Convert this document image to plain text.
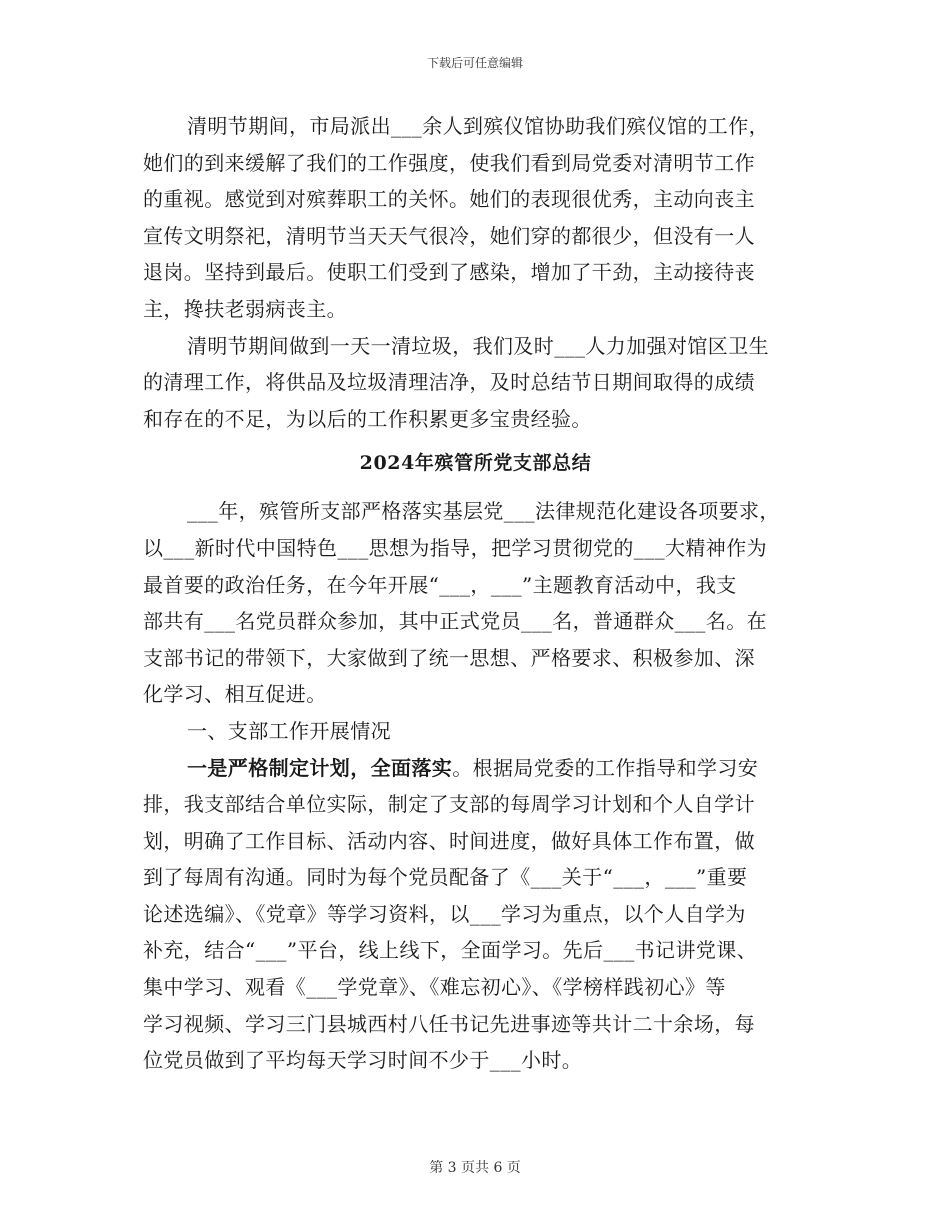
下载后可任意编辑
清明节期间，市局派出___余人到殡仪馆协助我们殡仪馆的工作，
她们的到来缓解了我们的工作强度，使我们看到局党委对清明节工作
的重视。感觉到对殡葬职工的关怀。她们的表现很优秀，主动向丧主
宣传文明祭祀，清明节当天天气很冷，她们穿的都很少，但没有一人
退岗。坚持到最后。使职工们受到了感染，增加了干劲，主动接待丧
主，搀扶老弱病丧主。
清明节期间做到一天一清垃圾，我们及时___人力加强对馆区卫生
的清理工作，将供品及垃圾清理洁净，及时总结节日期间取得的成绩
和存在的不足，为以后的工作积累更多宝贵经验。
2024年殡管所党支部总结
___年，殡管所支部严格落实基层党___法律规范化建设各项要求，
以___新时代中国特色___思想为指导，把学习贯彻党的___大精神作为
最首要的政治任务，在今年开展“___，___”主题教育活动中，我支
部共有___名党员群众参加，其中正式党员___名，普通群众___名。在
支部书记的带领下，大家做到了统一思想、严格要求、积极参加、深
化学习、相互促进。
一、支部工作开展情况
一是严格制定计划，全面落实。根据局党委的工作指导和学习安
排，我支部结合单位实际，制定了支部的每周学习计划和个人自学计
划，明确了工作目标、活动内容、时间进度，做好具体工作布置，做
到了每周有沟通。同时为每个党员配备了《___关于“___，___”重要
论述选编》、《党章》等学习资料，以___学习为重点，以个人自学为
补充，结合“___”平台，线上线下，全面学习。先后___书记讲党课、
集中学习、观看《___学党章》、《难忘初心》、《学榜样践初心》等
学习视频、学习三门县城西村八任书记先进事迹等共计二十余场，每
位党员做到了平均每天学习时间不少于___小时。
第 3 页共 6 页
